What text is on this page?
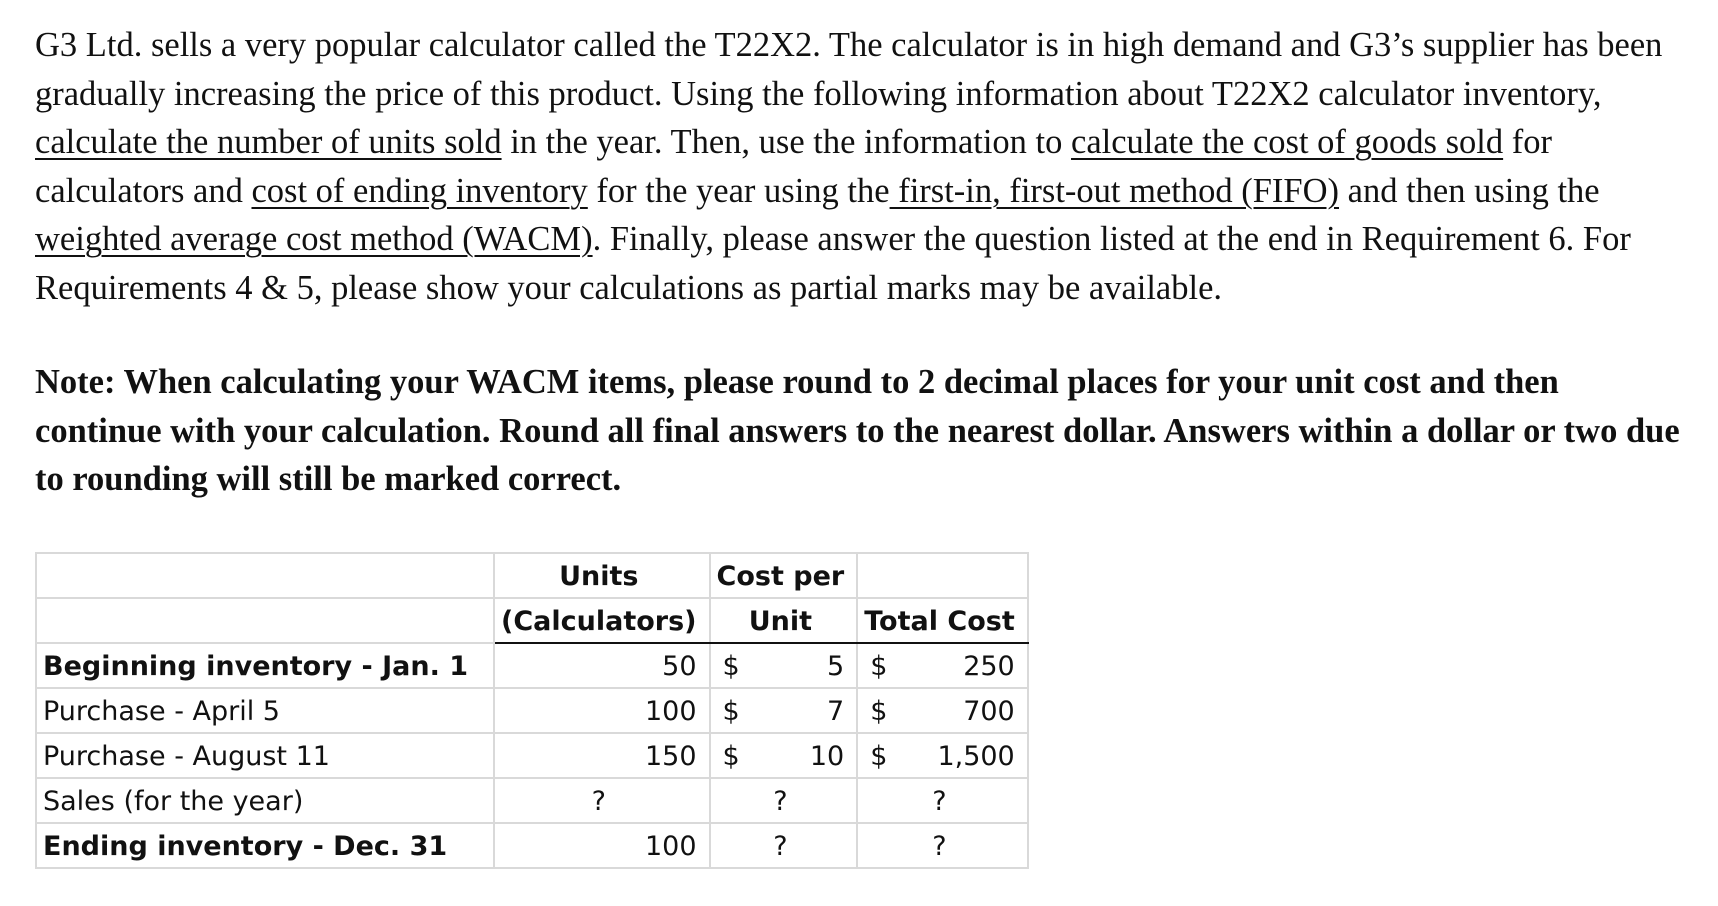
G3 Ltd. sells a very popular calculator called the T22X2. The calculator is in high demand and G3’s supplier has been gradually increasing the price of this product. Using the following information about T22X2 calculator inventory, calculate the number of units sold in the year. Then, use the information to calculate the cost of goods sold for calculators and cost of ending inventory for the year using the first-in, first-out method (FIFO) and then using the weighted average cost method (WACM). Finally, please answer the question listed at the end in Requirement 6. For Requirements 4 & 5, please show your calculations as partial marks may be available.
Note: When calculating your WACM items, please round to 2 decimal places for your unit cost and then continue with your calculation. Round all final answers to the nearest dollar. Answers within a dollar or two due to rounding will still be marked correct.
	Units	Cost per	
	(Calculators)	Unit	Total Cost
Beginning inventory - Jan. 1	50	$ 5	$ 250

Purchase - April 5	100	$ 7	$ 700

Purchase - August 11	150	$ 10	$ 1,500

Sales (for the year)	?	?	?
Ending inventory - Dec. 31	100	?	?
